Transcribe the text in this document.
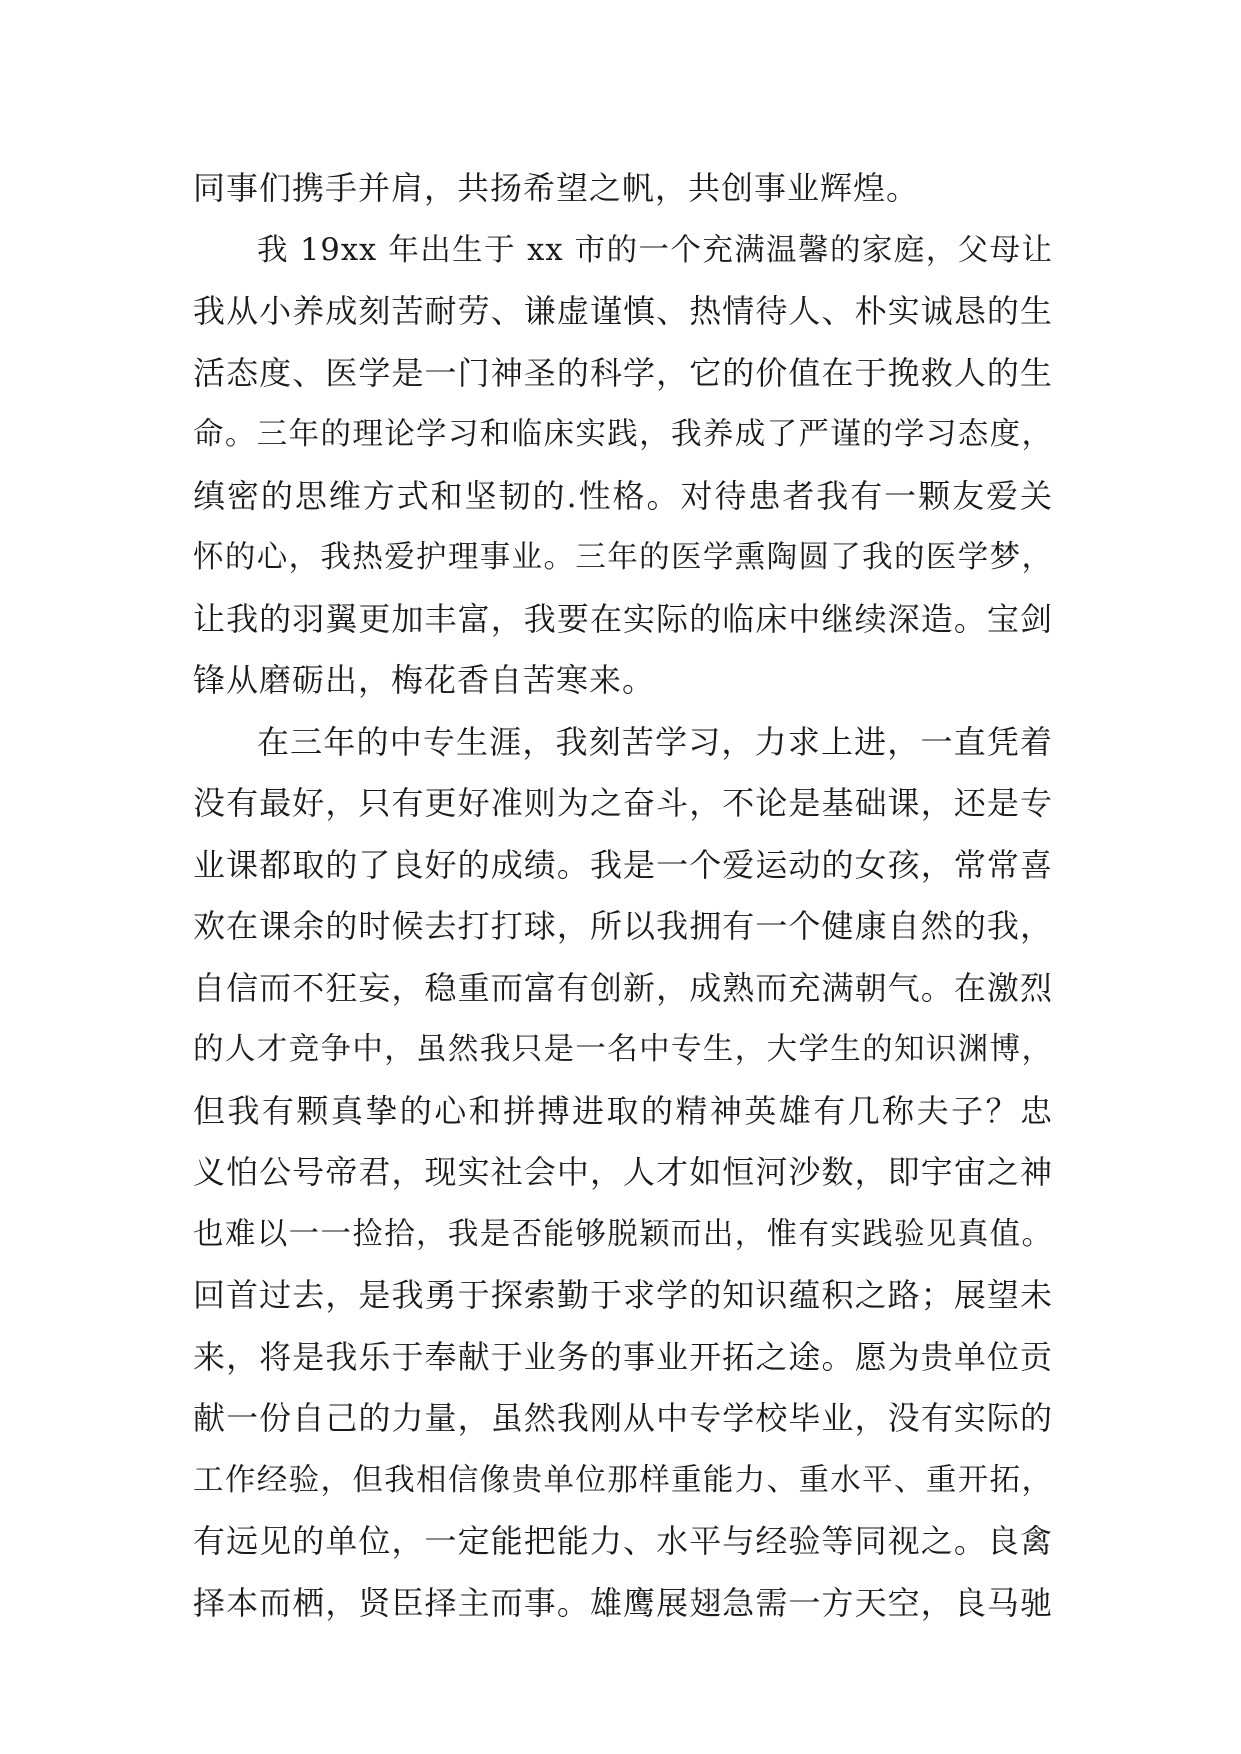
同事们携手并肩，共扬希望之帆，共创事业辉煌。
我 19xx 年出生于 xx 市的一个充满温馨的家庭，父母让
我从小养成刻苦耐劳、谦虚谨慎、热情待人、朴实诚恳的生
活态度、医学是一门神圣的科学，它的价值在于挽救人的生
命。三年的理论学习和临床实践，我养成了严谨的学习态度，
缜密的思维方式和坚韧的.性格。对待患者我有一颗友爱关
怀的心，我热爱护理事业。三年的医学熏陶圆了我的医学梦，
让我的羽翼更加丰富，我要在实际的临床中继续深造。宝剑
锋从磨砺出，梅花香自苦寒来。
在三年的中专生涯，我刻苦学习，力求上进，一直凭着
没有最好，只有更好准则为之奋斗，不论是基础课，还是专
业课都取的了良好的成绩。我是一个爱运动的女孩，常常喜
欢在课余的时候去打打球，所以我拥有一个健康自然的我，
自信而不狂妄，稳重而富有创新，成熟而充满朝气。在激烈
的人才竞争中，虽然我只是一名中专生，大学生的知识渊博，
但我有颗真挚的心和拼搏进取的精神英雄有几称夫子？忠
义怕公号帝君，现实社会中，人才如恒河沙数，即宇宙之神
也难以一一捡拾，我是否能够脱颖而出，惟有实践验见真值。
回首过去，是我勇于探索勤于求学的知识蕴积之路；展望未
来，将是我乐于奉献于业务的事业开拓之途。愿为贵单位贡
献一份自己的力量，虽然我刚从中专学校毕业，没有实际的
工作经验，但我相信像贵单位那样重能力、重水平、重开拓，
有远见的单位，一定能把能力、水平与经验等同视之。良禽
择本而栖，贤臣择主而事。雄鹰展翅急需一方天空，良马驰
